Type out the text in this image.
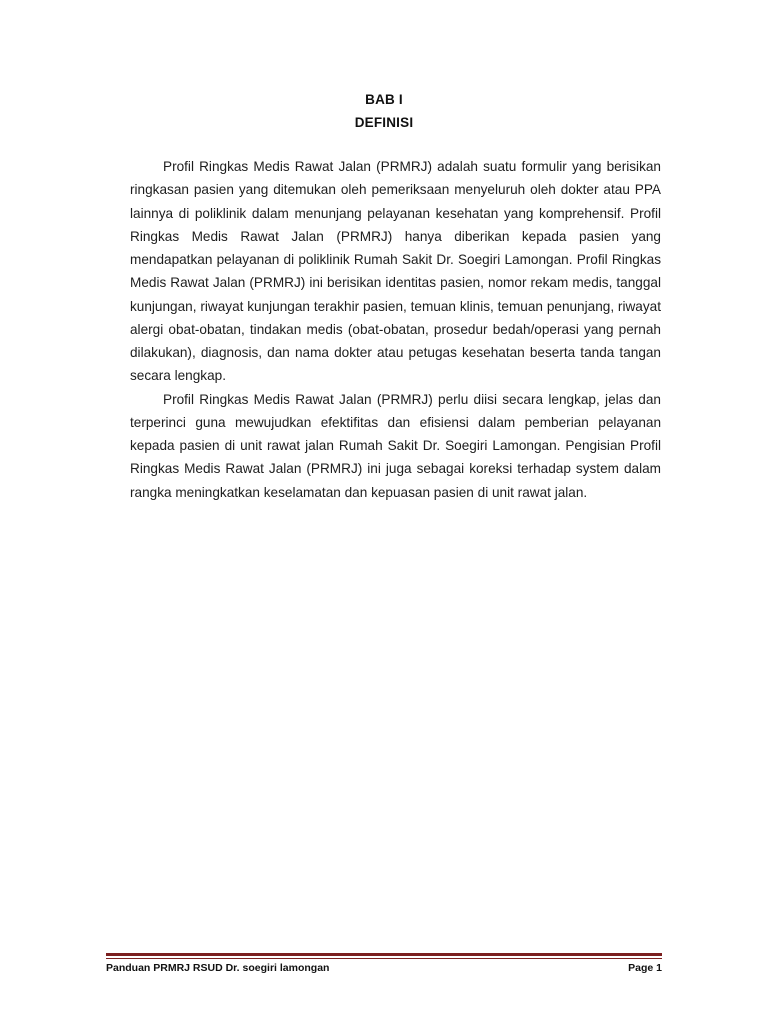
BAB I
DEFINISI

Profil Ringkas Medis Rawat Jalan (PRMRJ) adalah suatu formulir yang berisikan ringkasan pasien yang ditemukan oleh pemeriksaan menyeluruh oleh dokter atau PPA lainnya di poliklinik dalam menunjang pelayanan kesehatan yang komprehensif. Profil Ringkas Medis Rawat Jalan (PRMRJ) hanya diberikan kepada pasien yang mendapatkan pelayanan di poliklinik Rumah Sakit Dr. Soegiri Lamongan. Profil Ringkas Medis Rawat Jalan (PRMRJ) ini berisikan identitas pasien, nomor rekam medis, tanggal kunjungan, riwayat kunjungan terakhir pasien, temuan klinis, temuan penunjang, riwayat alergi obat-obatan, tindakan medis (obat-obatan, prosedur bedah/operasi yang pernah dilakukan), diagnosis, dan nama dokter atau petugas kesehatan beserta tanda tangan secara lengkap.

Profil Ringkas Medis Rawat Jalan (PRMRJ) perlu diisi secara lengkap, jelas dan terperinci guna mewujudkan efektifitas dan efisiensi dalam pemberian pelayanan kepada pasien di unit rawat jalan Rumah Sakit Dr. Soegiri Lamongan. Pengisian Profil Ringkas Medis Rawat Jalan (PRMRJ) ini juga sebagai koreksi terhadap system dalam rangka meningkatkan keselamatan dan kepuasan pasien di unit rawat jalan.

Panduan PRMRJ RSUD Dr. soegiri lamongan	Page 1
